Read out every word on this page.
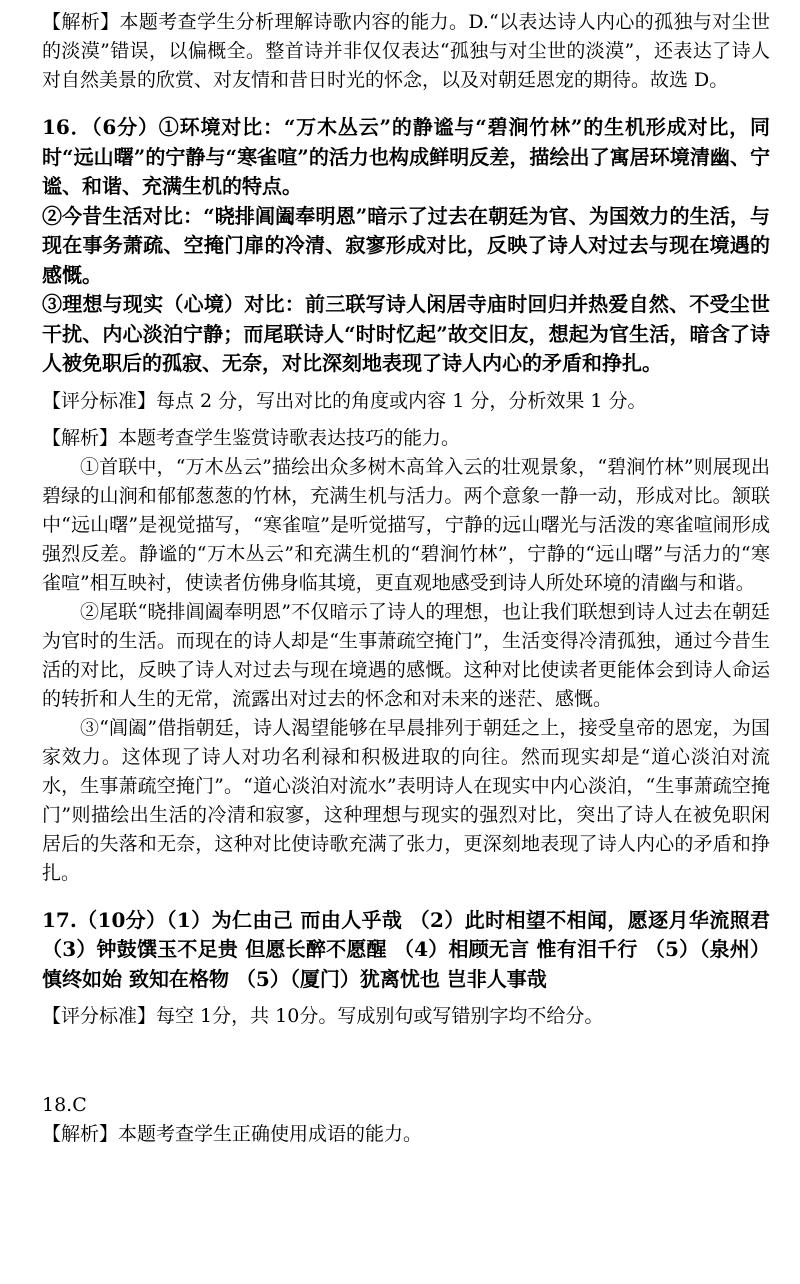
【解析】本题考查学生分析理解诗歌内容的能力。D.“以表达诗人内心的孤独与对尘世的淡漠”错误，以偏概全。整首诗并非仅仅表达“孤独与对尘世的淡漠”，还表达了诗人对自然美景的欣赏、对友情和昔日时光的怀念，以及对朝廷恩宠的期待。故选 D。

16．（6分）①环境对比：“万木丛云”的静谧与“碧涧竹林”的生机形成对比，同时“远山曙”的宁静与“寒雀喧”的活力也构成鲜明反差，描绘出了寓居环境清幽、宁谧、和谐、充满生机的特点。

②今昔生活对比：“晓排阊阖奉明恩”暗示了过去在朝廷为官、为国效力的生活，与现在事务萧疏、空掩门扉的冷清、寂寥形成对比，反映了诗人对过去与现在境遇的感慨。

③理想与现实（心境）对比：前三联写诗人闲居寺庙时回归并热爱自然、不受尘世干扰、内心淡泊宁静；而尾联诗人“时时忆起”故交旧友，想起为官生活，暗含了诗人被免职后的孤寂、无奈，对比深刻地表现了诗人内心的矛盾和挣扎。

【评分标准】每点 2 分，写出对比的角度或内容 1 分，分析效果 1 分。

【解析】本题考查学生鉴赏诗歌表达技巧的能力。

①首联中，“万木丛云”描绘出众多树木高耸入云的壮观景象，“碧涧竹林”则展现出碧绿的山涧和郁郁葱葱的竹林，充满生机与活力。两个意象一静一动，形成对比。颔联中“远山曙”是视觉描写，“寒雀喧”是听觉描写，宁静的远山曙光与活泼的寒雀喧闹形成强烈反差。静谧的“万木丛云”和充满生机的“碧涧竹林”，宁静的“远山曙”与活力的“寒雀喧”相互映衬，使读者仿佛身临其境，更直观地感受到诗人所处环境的清幽与和谐。

②尾联“晓排阊阖奉明恩”不仅暗示了诗人的理想，也让我们联想到诗人过去在朝廷为官时的生活。而现在的诗人却是“生事萧疏空掩门”，生活变得冷清孤独，通过今昔生活的对比，反映了诗人对过去与现在境遇的感慨。这种对比使读者更能体会到诗人命运的转折和人生的无常，流露出对过去的怀念和对未来的迷茫、感慨。

③“阊阖”借指朝廷，诗人渴望能够在早晨排列于朝廷之上，接受皇帝的恩宠，为国家效力。这体现了诗人对功名利禄和积极进取的向往。然而现实却是“道心淡泊对流水，生事萧疏空掩门”。“道心淡泊对流水”表明诗人在现实中内心淡泊，“生事萧疏空掩门”则描绘出生活的冷清和寂寥，这种理想与现实的强烈对比，突出了诗人在被免职闲居后的失落和无奈，这种对比使诗歌充满了张力，更深刻地表现了诗人内心的矛盾和挣扎。

17.（10分）（1）为仁由己 而由人乎哉 （2）此时相望不相闻，愿逐月华流照君 （3）钟鼓馔玉不足贵 但愿长醉不愿醒 （4）相顾无言 惟有泪千行 （5）（泉州）慎终如始 致知在格物 （5）（厦门）犹离忧也 岂非人事哉

【评分标准】每空 1分，共 10分。写成别句或写错别字均不给分。

18.C

【解析】本题考查学生正确使用成语的能力。
